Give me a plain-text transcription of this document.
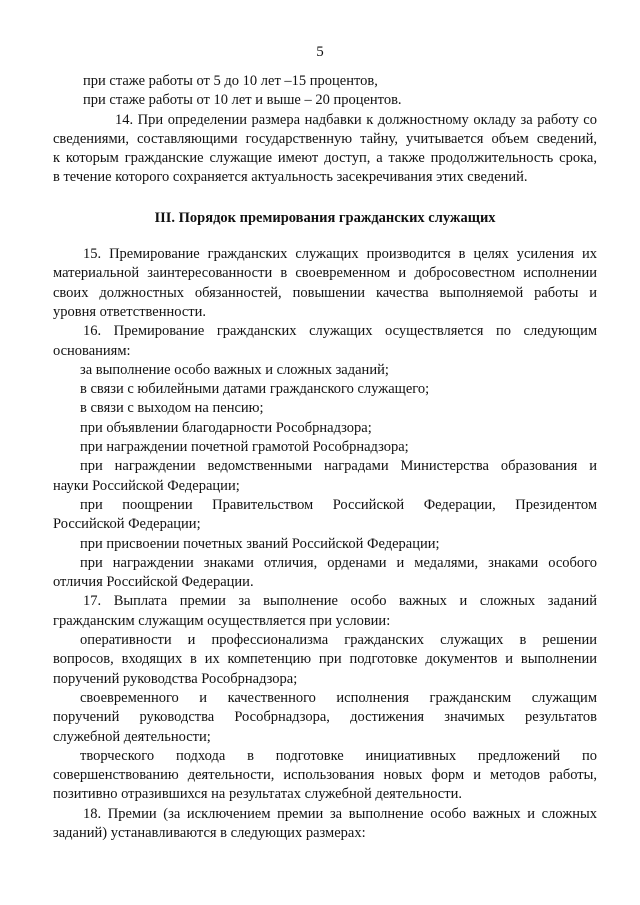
5
при стаже работы от 5 до 10 лет –15 процентов,
при стаже работы от 10 лет и выше – 20 процентов.
14. При определении размера надбавки к должностному окладу за работу со
сведениями, составляющими государственную тайну, учитывается объем сведений,
к которым гражданские служащие имеют доступ, а также продолжительность срока,
в течение которого сохраняется актуальность засекречивания этих сведений.
III. Порядок премирования гражданских служащих
15. Премирование гражданских служащих производится в целях усиления их
материальной заинтересованности в своевременном и добросовестном исполнении
своих должностных обязанностей, повышении качества выполняемой работы и
уровня ответственности.
16. Премирование гражданских служащих осуществляется по следующим
основаниям:
за выполнение особо важных и сложных заданий;
в связи с юбилейными датами гражданского служащего;
в связи с выходом на пенсию;
при объявлении благодарности Рособрнадзора;
при награждении почетной грамотой Рособрнадзора;
при награждении ведомственными наградами Министерства образования и
науки Российской Федерации;
при поощрении Правительством Российской Федерации, Президентом
Российской Федерации;
при присвоении почетных званий Российской Федерации;
при награждении знаками отличия, орденами и медалями, знаками особого
отличия Российской Федерации.
17. Выплата премии за выполнение особо важных и сложных заданий
гражданским служащим осуществляется при условии:
оперативности и профессионализма гражданских служащих в решении
вопросов, входящих в их компетенцию при подготовке документов и выполнении
поручений руководства Рособрнадзора;
своевременного и качественного исполнения гражданским служащим
поручений руководства Рособрнадзора, достижения значимых результатов
служебной деятельности;
творческого подхода в подготовке инициативных предложений по
совершенствованию деятельности, использования новых форм и методов работы,
позитивно отразившихся на результатах служебной деятельности.
18. Премии (за исключением премии за выполнение особо важных и сложных
заданий) устанавливаются в следующих размерах:
